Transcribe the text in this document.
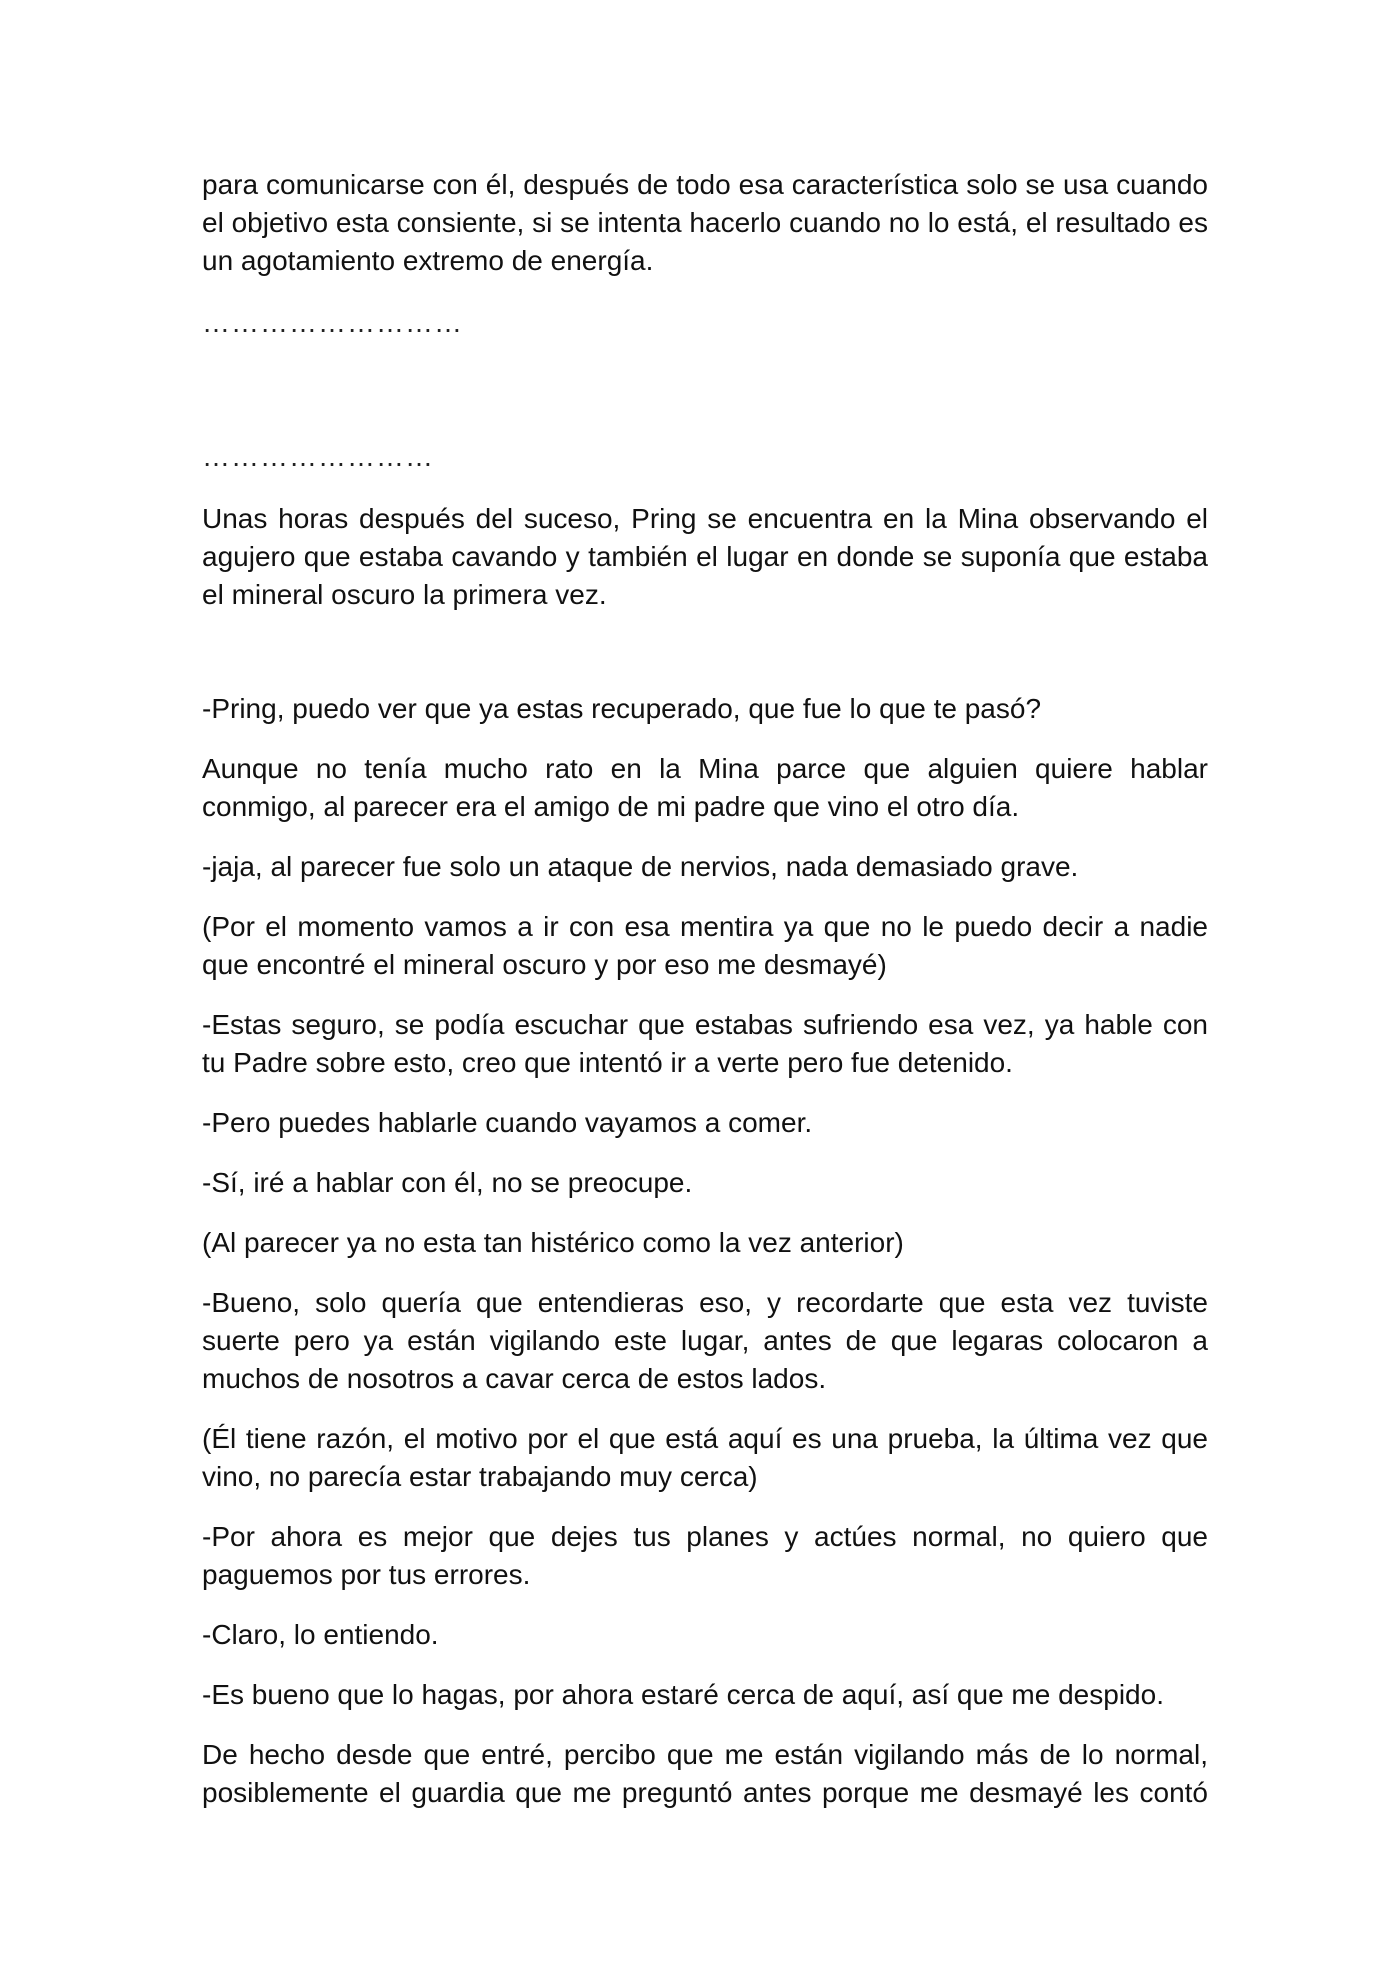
para comunicarse con él, después de todo esa característica solo se usa cuando el objetivo esta consiente, si se intenta hacerlo cuando no lo está, el resultado es un agotamiento extremo de energía.

………………………

……………………

Unas horas después del suceso, Pring se encuentra en la Mina observando el agujero que estaba cavando y también el lugar en donde se suponía que estaba el mineral oscuro la primera vez.

-Pring, puedo ver que ya estas recuperado, que fue lo que te pasó?

Aunque no tenía mucho rato en la Mina parce que alguien quiere hablar conmigo, al parecer era el amigo de mi padre que vino el otro día.

-jaja, al parecer fue solo un ataque de nervios, nada demasiado grave.

(Por el momento vamos a ir con esa mentira ya que no le puedo decir a nadie que encontré el mineral oscuro y por eso me desmayé)

-Estas seguro, se podía escuchar que estabas sufriendo esa vez, ya hable con tu Padre sobre esto, creo que intentó ir a verte pero fue detenido.

-Pero puedes hablarle cuando vayamos a comer.

-Sí, iré a hablar con él, no se preocupe.

(Al parecer ya no esta tan histérico como la vez anterior)

-Bueno, solo quería que entendieras eso, y recordarte que esta vez tuviste suerte pero ya están vigilando este lugar, antes de que legaras colocaron a muchos de nosotros a cavar cerca de estos lados.

(Él tiene razón, el motivo por el que está aquí es una prueba, la última vez que vino, no parecía estar trabajando muy cerca)

-Por ahora es mejor que dejes tus planes y actúes normal, no quiero que paguemos por tus errores.

-Claro, lo entiendo.

-Es bueno que lo hagas, por ahora estaré cerca de aquí, así que me despido.

De hecho desde que entré, percibo que me están vigilando más de lo normal, posiblemente el guardia que me preguntó antes porque me desmayé les contó
